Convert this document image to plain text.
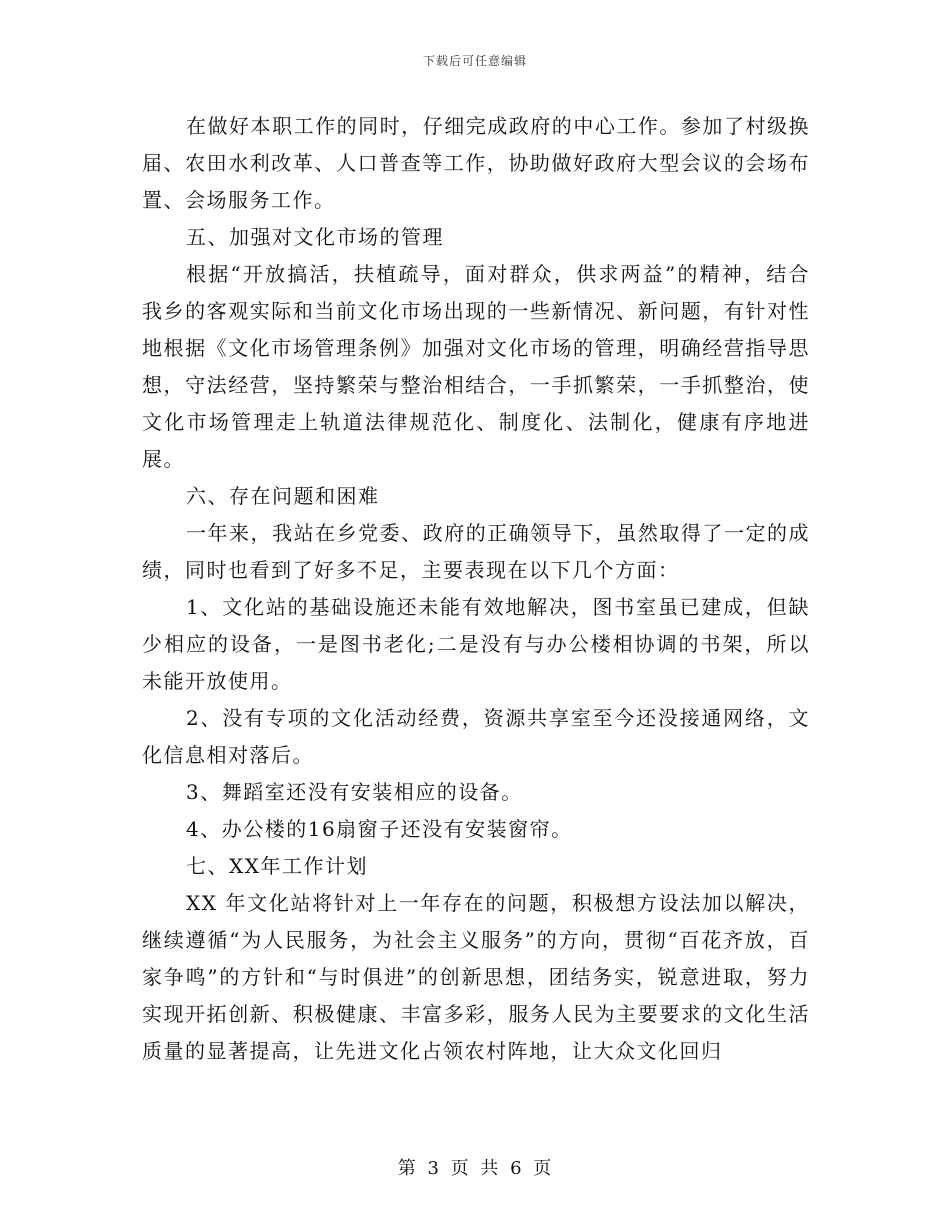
下载后可任意编辑

在做好本职工作的同时，仔细完成政府的中心工作。参加了村级换届、农田水利改革、人口普查等工作，协助做好政府大型会议的会场布置、会场服务工作。

五、加强对文化市场的管理

根据“开放搞活，扶植疏导，面对群众，供求两益”的精神，结合我乡的客观实际和当前文化市场出现的一些新情况、新问题，有针对性地根据《文化市场管理条例》加强对文化市场的管理，明确经营指导思想，守法经营，坚持繁荣与整治相结合，一手抓繁荣，一手抓整治，使文化市场管理走上轨道法律规范化、制度化、法制化，健康有序地进展。

六、存在问题和困难

一年来，我站在乡党委、政府的正确领导下，虽然取得了一定的成绩，同时也看到了好多不足，主要表现在以下几个方面：

1、文化站的基础设施还未能有效地解决，图书室虽已建成，但缺少相应的设备，一是图书老化;二是没有与办公楼相协调的书架，所以未能开放使用。

2、没有专项的文化活动经费，资源共享室至今还没接通网络，文化信息相对落后。

3、舞蹈室还没有安装相应的设备。

4、办公楼的16扇窗子还没有安装窗帘。

七、XX年工作计划

XX 年文化站将针对上一年存在的问题，积极想方设法加以解决，继续遵循“为人民服务，为社会主义服务”的方向，贯彻“百花齐放，百家争鸣”的方针和“与时俱进”的创新思想，团结务实，锐意进取，努力实现开拓创新、积极健康、丰富多彩，服务人民为主要要求的文化生活质量的显著提高，让先进文化占领农村阵地，让大众文化回归

第 3 页 共 6 页
